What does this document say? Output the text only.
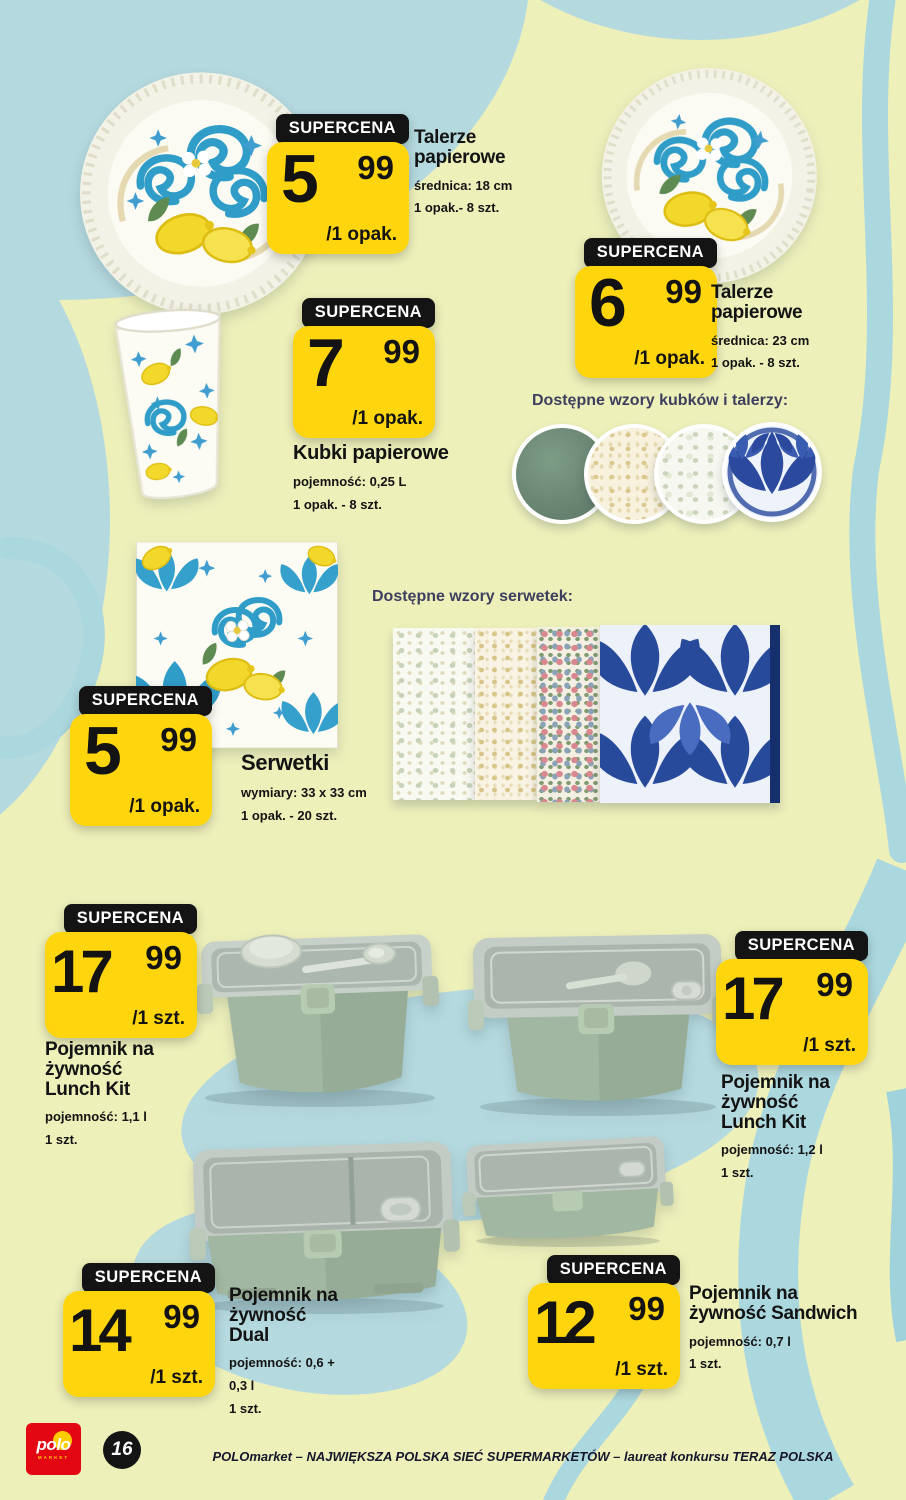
SUPERCENA
5 99
/1 opak.
Talerze papierowe
średnica: 18 cm
1 opak.- 8 szt.
SUPERCENA
6 99
/1 opak.
Talerze papierowe
średnica: 23 cm
1 opak. - 8 szt.
SUPERCENA
7 99
/1 opak.
Kubki papierowe
pojemność: 0,25 L
1 opak. - 8 szt.
Dostępne wzory kubków i talerzy:
SUPERCENA
5 99
/1 opak.
Serwetki
wymiary: 33 x 33 cm
1 opak. - 20 szt.
Dostępne wzory serwetek:
SUPERCENA
17 99
/1 szt.
Pojemnik na żywność Lunch Kit
pojemność: 1,1 l
1 szt.
SUPERCENA
17 99
/1 szt.
Pojemnik na żywność Lunch Kit
pojemność: 1,2 l
1 szt.
SUPERCENA
14 99
/1 szt.
Pojemnik na żywność Dual
pojemność: 0,6 + 0,3 l
1 szt.
SUPERCENA
12 99
/1 szt.
Pojemnik na żywność Sandwich
pojemność: 0,7 l
1 szt.
polo
MARKET	16	POLOmarket – NAJWIĘKSZA POLSKA SIEĆ SUPERMARKETÓW – laureat konkursu TERAZ POLSKA
